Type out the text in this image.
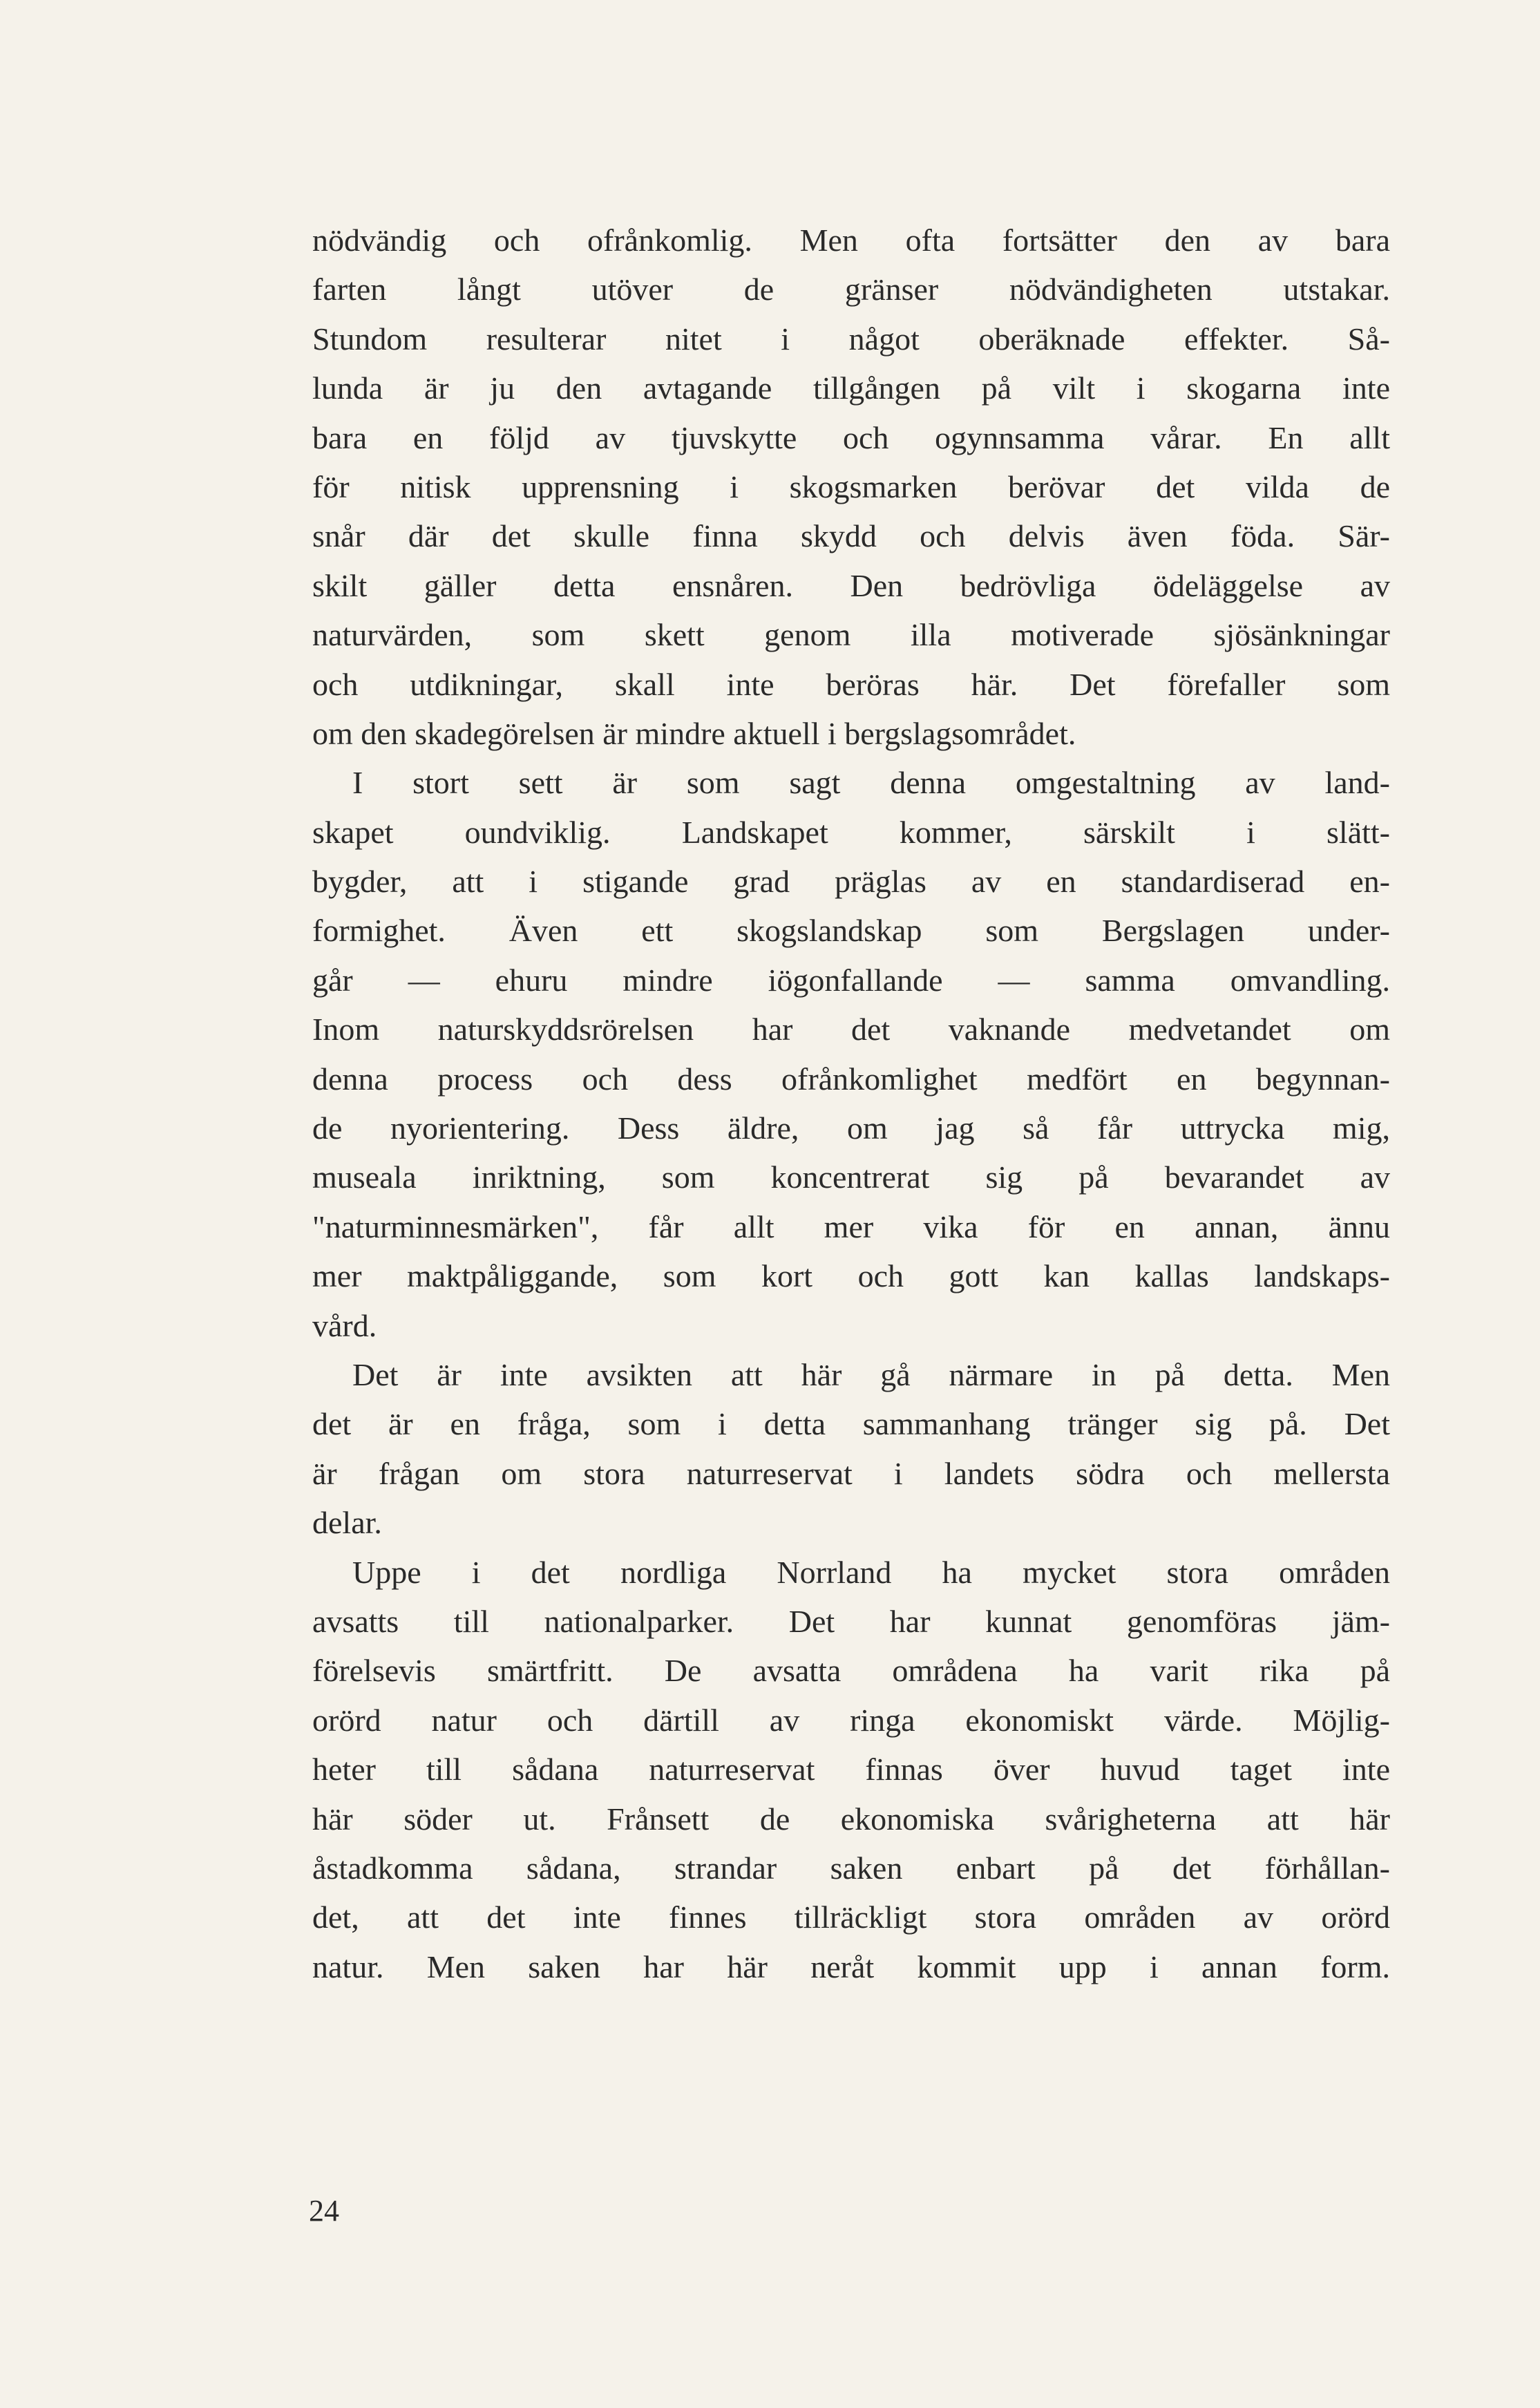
nödvändig och ofrånkomlig. Men ofta fortsätter den av bara
farten långt utöver de gränser nödvändigheten utstakar.
Stundom resulterar nitet i något oberäknade effekter. Så-
lunda är ju den avtagande tillgången på vilt i skogarna inte
bara en följd av tjuvskytte och ogynnsamma vårar. En allt
för nitisk upprensning i skogsmarken berövar det vilda de
snår där det skulle finna skydd och delvis även föda. Sär-
skilt gäller detta ensnåren. Den bedrövliga ödeläggelse av
naturvärden, som skett genom illa motiverade sjösänkningar
och utdikningar, skall inte beröras här. Det förefaller som
om den skadegörelsen är mindre aktuell i bergslagsområdet.
I stort sett är som sagt denna omgestaltning av land-
skapet oundviklig. Landskapet kommer, särskilt i slätt-
bygder, att i stigande grad präglas av en standardiserad en-
formighet. Även ett skogslandskap som Bergslagen under-
går — ehuru mindre iögonfallande — samma omvandling.
Inom naturskyddsrörelsen har det vaknande medvetandet om
denna process och dess ofrånkomlighet medfört en begynnan-
de nyorientering. Dess äldre, om jag så får uttrycka mig,
museala inriktning, som koncentrerat sig på bevarandet av
"naturminnesmärken", får allt mer vika för en annan, ännu
mer maktpåliggande, som kort och gott kan kallas landskaps-
vård.
Det är inte avsikten att här gå närmare in på detta. Men
det är en fråga, som i detta sammanhang tränger sig på. Det
är frågan om stora naturreservat i landets södra och mellersta
delar.
Uppe i det nordliga Norrland ha mycket stora områden
avsatts till nationalparker. Det har kunnat genomföras jäm-
förelsevis smärtfritt. De avsatta områdena ha varit rika på
orörd natur och därtill av ringa ekonomiskt värde. Möjlig-
heter till sådana naturreservat finnas över huvud taget inte
här söder ut. Frånsett de ekonomiska svårigheterna att här
åstadkomma sådana, strandar saken enbart på det förhållan-
det, att det inte finnes tillräckligt stora områden av orörd
natur. Men saken har här neråt kommit upp i annan form.
24
